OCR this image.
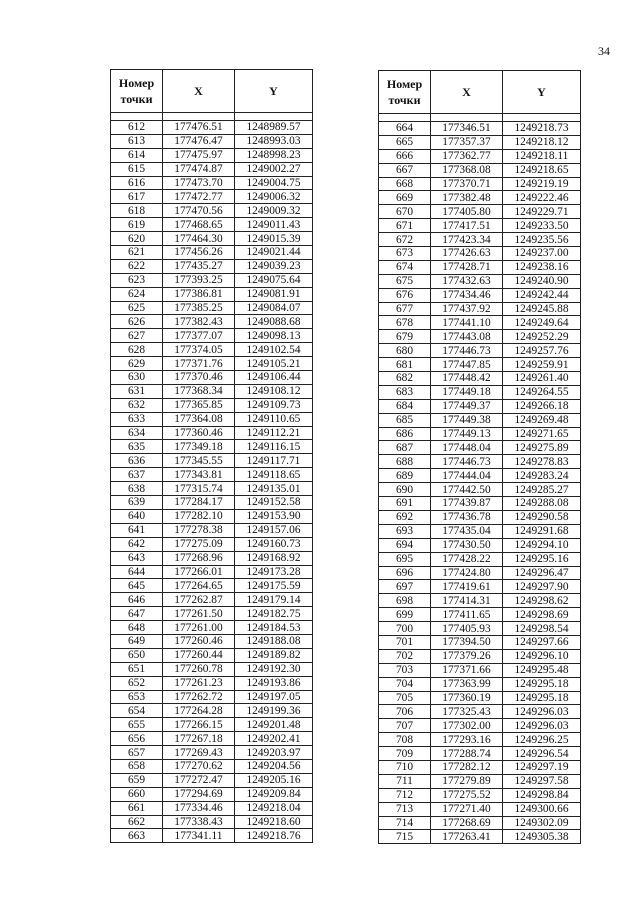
34
Номер точки	X	Y

612	177476.51	1248989.57
613	177476.47	1248993.03
614	177475.97	1248998.23
615	177474.87	1249002.27
616	177473.70	1249004.75
617	177472.77	1249006.32
618	177470.56	1249009.32
619	177468.65	1249011.43
620	177464.30	1249015.39
621	177456.26	1249021.44
622	177435.27	1249039.23
623	177393.25	1249075.64
624	177386.81	1249081.91
625	177385.25	1249084.07
626	177382.43	1249088.68
627	177377.07	1249098.13
628	177374.05	1249102.54
629	177371.76	1249105.21
630	177370.46	1249106.44
631	177368.34	1249108.12
632	177365.85	1249109.73
633	177364.08	1249110.65
634	177360.46	1249112.21
635	177349.18	1249116.15
636	177345.55	1249117.71
637	177343.81	1249118.65
638	177315.74	1249135.01
639	177284.17	1249152.58
640	177282.10	1249153.90
641	177278.38	1249157.06
642	177275.09	1249160.73
643	177268.96	1249168.92
644	177266.01	1249173.28
645	177264.65	1249175.59
646	177262.87	1249179.14
647	177261.50	1249182.75
648	177261.00	1249184.53
649	177260.46	1249188.08
650	177260.44	1249189.82
651	177260.78	1249192.30
652	177261.23	1249193.86
653	177262.72	1249197.05
654	177264.28	1249199.36
655	177266.15	1249201.48
656	177267.18	1249202.41
657	177269.43	1249203.97
658	177270.62	1249204.56
659	177272.47	1249205.16
660	177294.69	1249209.84
661	177334.46	1249218.04
662	177338.43	1249218.60
663	177341.11	1249218.76
Номер точки	X	Y

664	177346.51	1249218.73
665	177357.37	1249218.12
666	177362.77	1249218.11
667	177368.08	1249218.65
668	177370.71	1249219.19
669	177382.48	1249222.46
670	177405.80	1249229.71
671	177417.51	1249233.50
672	177423.34	1249235.56
673	177426.63	1249237.00
674	177428.71	1249238.16
675	177432.63	1249240.90
676	177434.46	1249242.44
677	177437.92	1249245.88
678	177441.10	1249249.64
679	177443.08	1249252.29
680	177446.73	1249257.76
681	177447.85	1249259.91
682	177448.42	1249261.40
683	177449.18	1249264.55
684	177449.37	1249266.18
685	177449.38	1249269.48
686	177449.13	1249271.65
687	177448.04	1249275.89
688	177446.73	1249278.83
689	177444.04	1249283.24
690	177442.50	1249285.27
691	177439.87	1249288.08
692	177436.78	1249290.58
693	177435.04	1249291.68
694	177430.50	1249294.10
695	177428.22	1249295.16
696	177424.80	1249296.47
697	177419.61	1249297.90
698	177414.31	1249298.62
699	177411.65	1249298.69
700	177405.93	1249298.54
701	177394.50	1249297.66
702	177379.26	1249296.10
703	177371.66	1249295.48
704	177363.99	1249295.18
705	177360.19	1249295.18
706	177325.43	1249296.03
707	177302.00	1249296.03
708	177293.16	1249296.25
709	177288.74	1249296.54
710	177282.12	1249297.19
711	177279.89	1249297.58
712	177275.52	1249298.84
713	177271.40	1249300.66
714	177268.69	1249302.09
715	177263.41	1249305.38
